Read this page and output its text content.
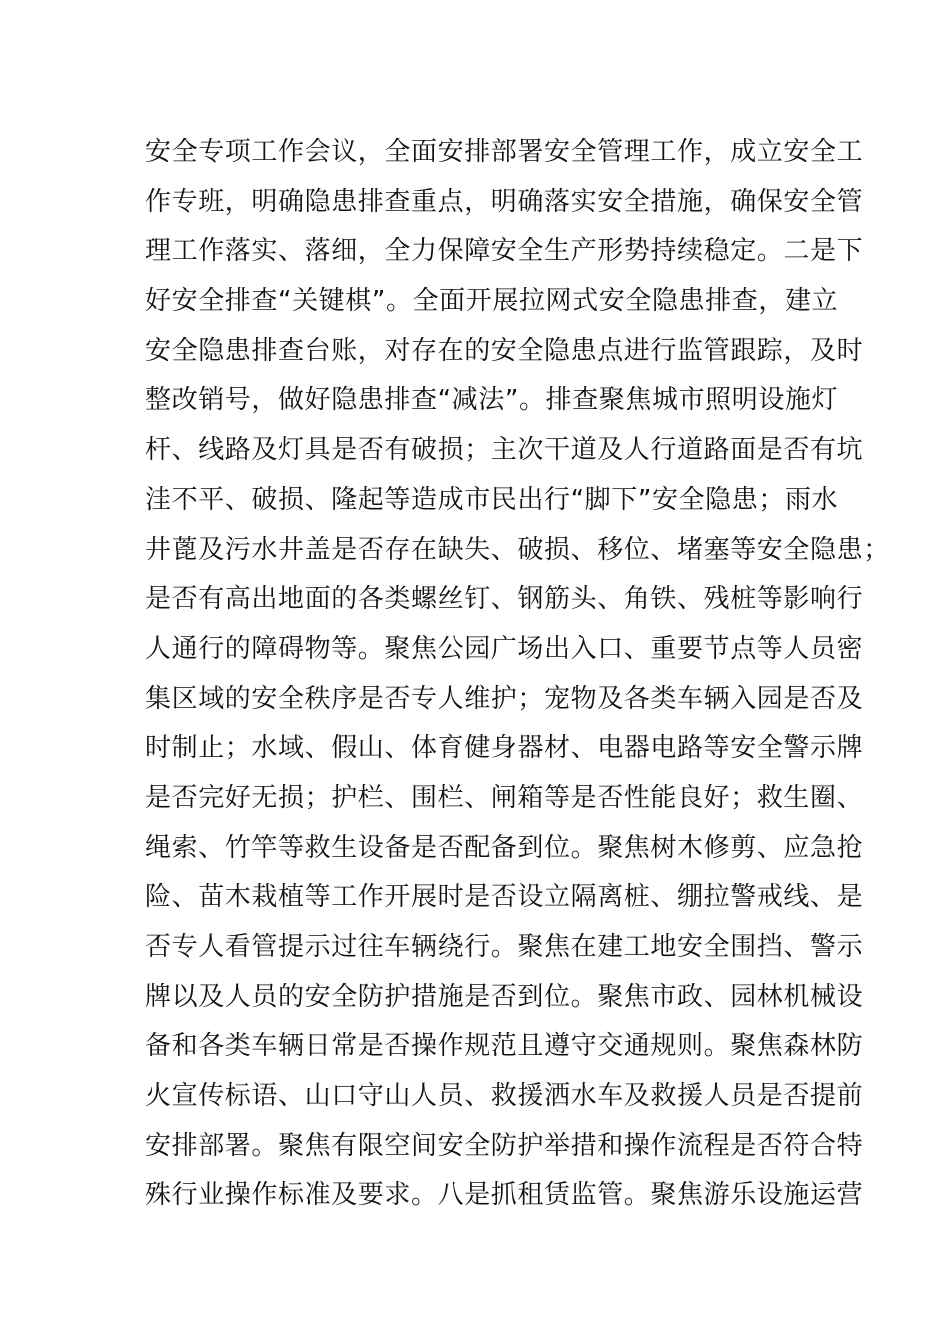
安全专项工作会议，全面安排部署安全管理工作，成立安全工
作专班，明确隐患排查重点，明确落实安全措施，确保安全管
理工作落实、落细，全力保障安全生产形势持续稳定。二是下
好安全排查“关键棋”。全面开展拉网式安全隐患排查，建立
安全隐患排查台账，对存在的安全隐患点进行监管跟踪，及时
整改销号，做好隐患排查“减法”。排查聚焦城市照明设施灯
杆、线路及灯具是否有破损；主次干道及人行道路面是否有坑
洼不平、破损、隆起等造成市民出行“脚下”安全隐患；雨水
井蓖及污水井盖是否存在缺失、破损、移位、堵塞等安全隐患；
是否有高出地面的各类螺丝钉、钢筋头、角铁、残桩等影响行
人通行的障碍物等。聚焦公园广场出入口、重要节点等人员密
集区域的安全秩序是否专人维护；宠物及各类车辆入园是否及
时制止；水域、假山、体育健身器材、电器电路等安全警示牌
是否完好无损；护栏、围栏、闸箱等是否性能良好；救生圈、
绳索、竹竿等救生设备是否配备到位。聚焦树木修剪、应急抢
险、苗木栽植等工作开展时是否设立隔离桩、绷拉警戒线、是
否专人看管提示过往车辆绕行。聚焦在建工地安全围挡、警示
牌以及人员的安全防护措施是否到位。聚焦市政、园林机械设
备和各类车辆日常是否操作规范且遵守交通规则。聚焦森林防
火宣传标语、山口守山人员、救援洒水车及救援人员是否提前
安排部署。聚焦有限空间安全防护举措和操作流程是否符合特
殊行业操作标准及要求。八是抓租赁监管。聚焦游乐设施运营
